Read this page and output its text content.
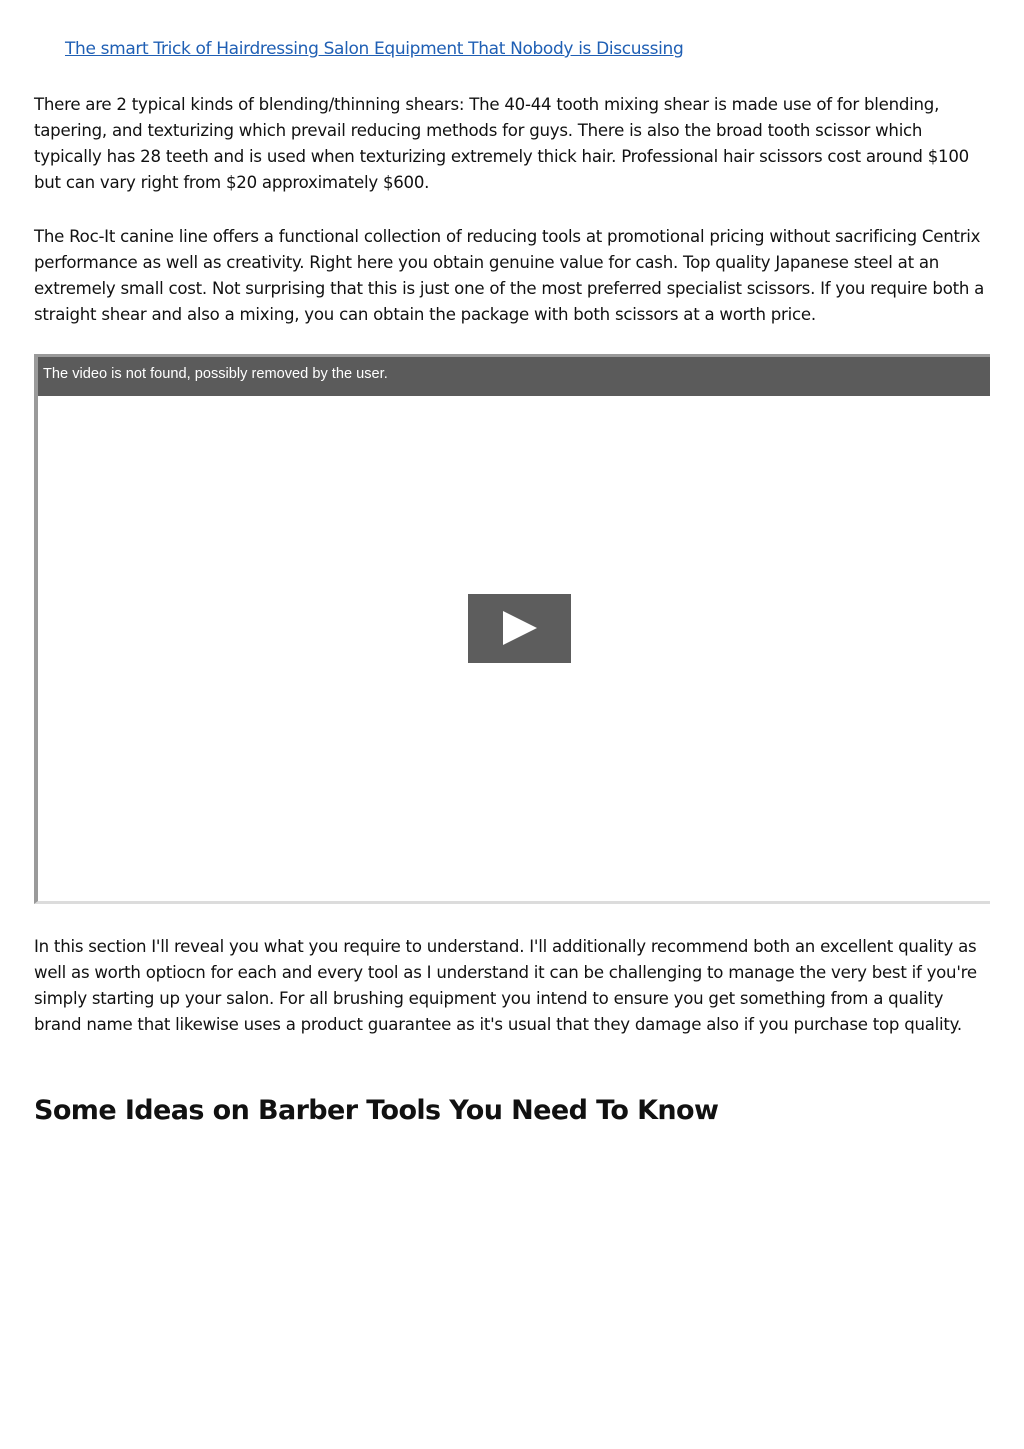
The smart Trick of Hairdressing Salon Equipment That Nobody is Discussing

There are 2 typical kinds of blending/thinning shears: The 40-44 tooth mixing shear is made use of for blending, tapering, and texturizing which prevail reducing methods for guys. There is also the broad tooth scissor which typically has 28 teeth and is used when texturizing extremely thick hair. Professional hair scissors cost around $100 but can vary right from $20 approximately $600.

The Roc-It canine line offers a functional collection of reducing tools at promotional pricing without sacrificing Centrix performance as well as creativity. Right here you obtain genuine value for cash. Top quality Japanese steel at an extremely small cost. Not surprising that this is just one of the most preferred specialist scissors. If you require both a straight shear and also a mixing, you can obtain the package with both scissors at a worth price.

The video is not found, possibly removed by the user.

In this section I'll reveal you what you require to understand. I'll additionally recommend both an excellent quality as well as worth optiocn for each and every tool as I understand it can be challenging to manage the very best if you're simply starting up your salon. For all brushing equipment you intend to ensure you get something from a quality brand name that likewise uses a product guarantee as it's usual that they damage also if you purchase top quality.

Some Ideas on Barber Tools You Need To Know
